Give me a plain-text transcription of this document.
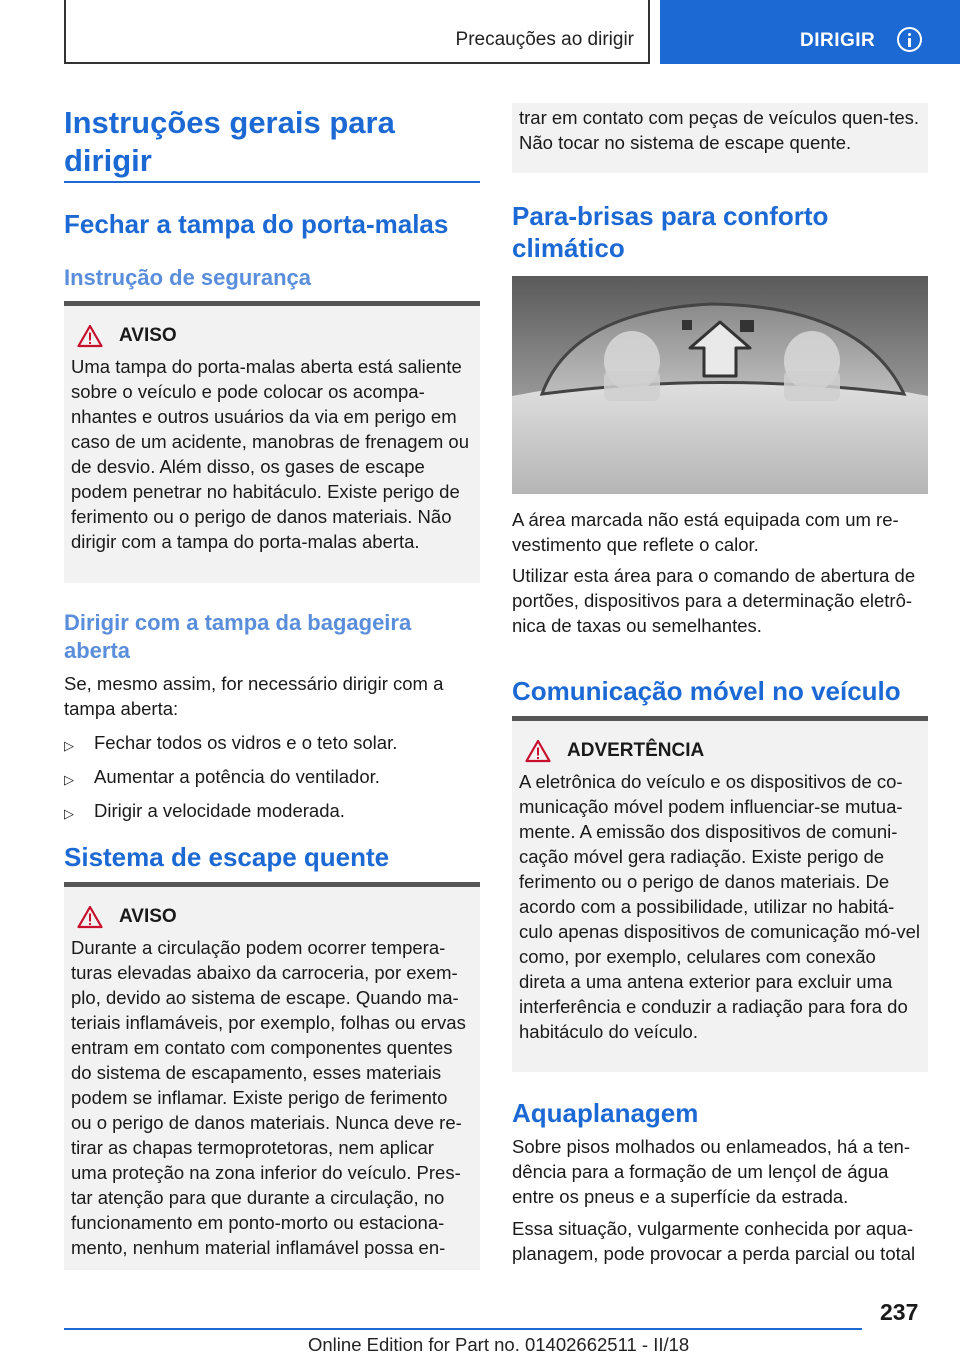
Precauções ao dirigir	DIRIGIR
Instruções gerais para dirigir
Fechar a tampa do porta-malas
Instrução de segurança
AVISO
Uma tampa do porta-malas aberta está saliente sobre o veículo e pode colocar os acompa-nhantes e outros usuários da via em perigo em caso de um acidente, manobras de frenagem ou de desvio. Além disso, os gases de escape podem penetrar no habitáculo. Existe perigo de ferimento ou o perigo de danos materiais. Não dirigir com a tampa do porta-malas aberta.
Dirigir com a tampa da bagageira aberta
Se, mesmo assim, for necessário dirigir com a tampa aberta:
▷	Fechar todos os vidros e o teto solar.
▷	Aumentar a potência do ventilador.
▷	Dirigir a velocidade moderada.
Sistema de escape quente
AVISO
Durante a circulação podem ocorrer tempera-turas elevadas abaixo da carroceria, por exem-plo, devido ao sistema de escape. Quando ma-teriais inflamáveis, por exemplo, folhas ou ervas entram em contato com componentes quentes do sistema de escapamento, esses materiais podem se inflamar. Existe perigo de ferimento ou o perigo de danos materiais. Nunca deve re-tirar as chapas termoprotetoras, nem aplicar uma proteção na zona inferior do veículo. Pres-tar atenção para que durante a circulação, no funcionamento em ponto-morto ou estaciona-mento, nenhum material inflamável possa en-
trar em contato com peças de veículos quen-tes. Não tocar no sistema de escape quente.
Para-brisas para conforto climático
A área marcada não está equipada com um re-vestimento que reflete o calor.
Utilizar esta área para o comando de abertura de portões, dispositivos para a determinação eletrô-nica de taxas ou semelhantes.
Comunicação móvel no veículo
ADVERTÊNCIA
A eletrônica do veículo e os dispositivos de co-municação móvel podem influenciar-se mutua-mente. A emissão dos dispositivos de comuni-cação móvel gera radiação. Existe perigo de ferimento ou o perigo de danos materiais. De acordo com a possibilidade, utilizar no habitá-culo apenas dispositivos de comunicação mó-vel como, por exemplo, celulares com conexão direta a uma antena exterior para excluir uma interferência e conduzir a radiação para fora do habitáculo do veículo.
Aquaplanagem
Sobre pisos molhados ou enlameados, há a ten-dência para a formação de um lençol de água entre os pneus e a superfície da estrada.
Essa situação, vulgarmente conhecida por aqua-planagem, pode provocar a perda parcial ou total
237
Online Edition for Part no. 01402662511 - II/18
